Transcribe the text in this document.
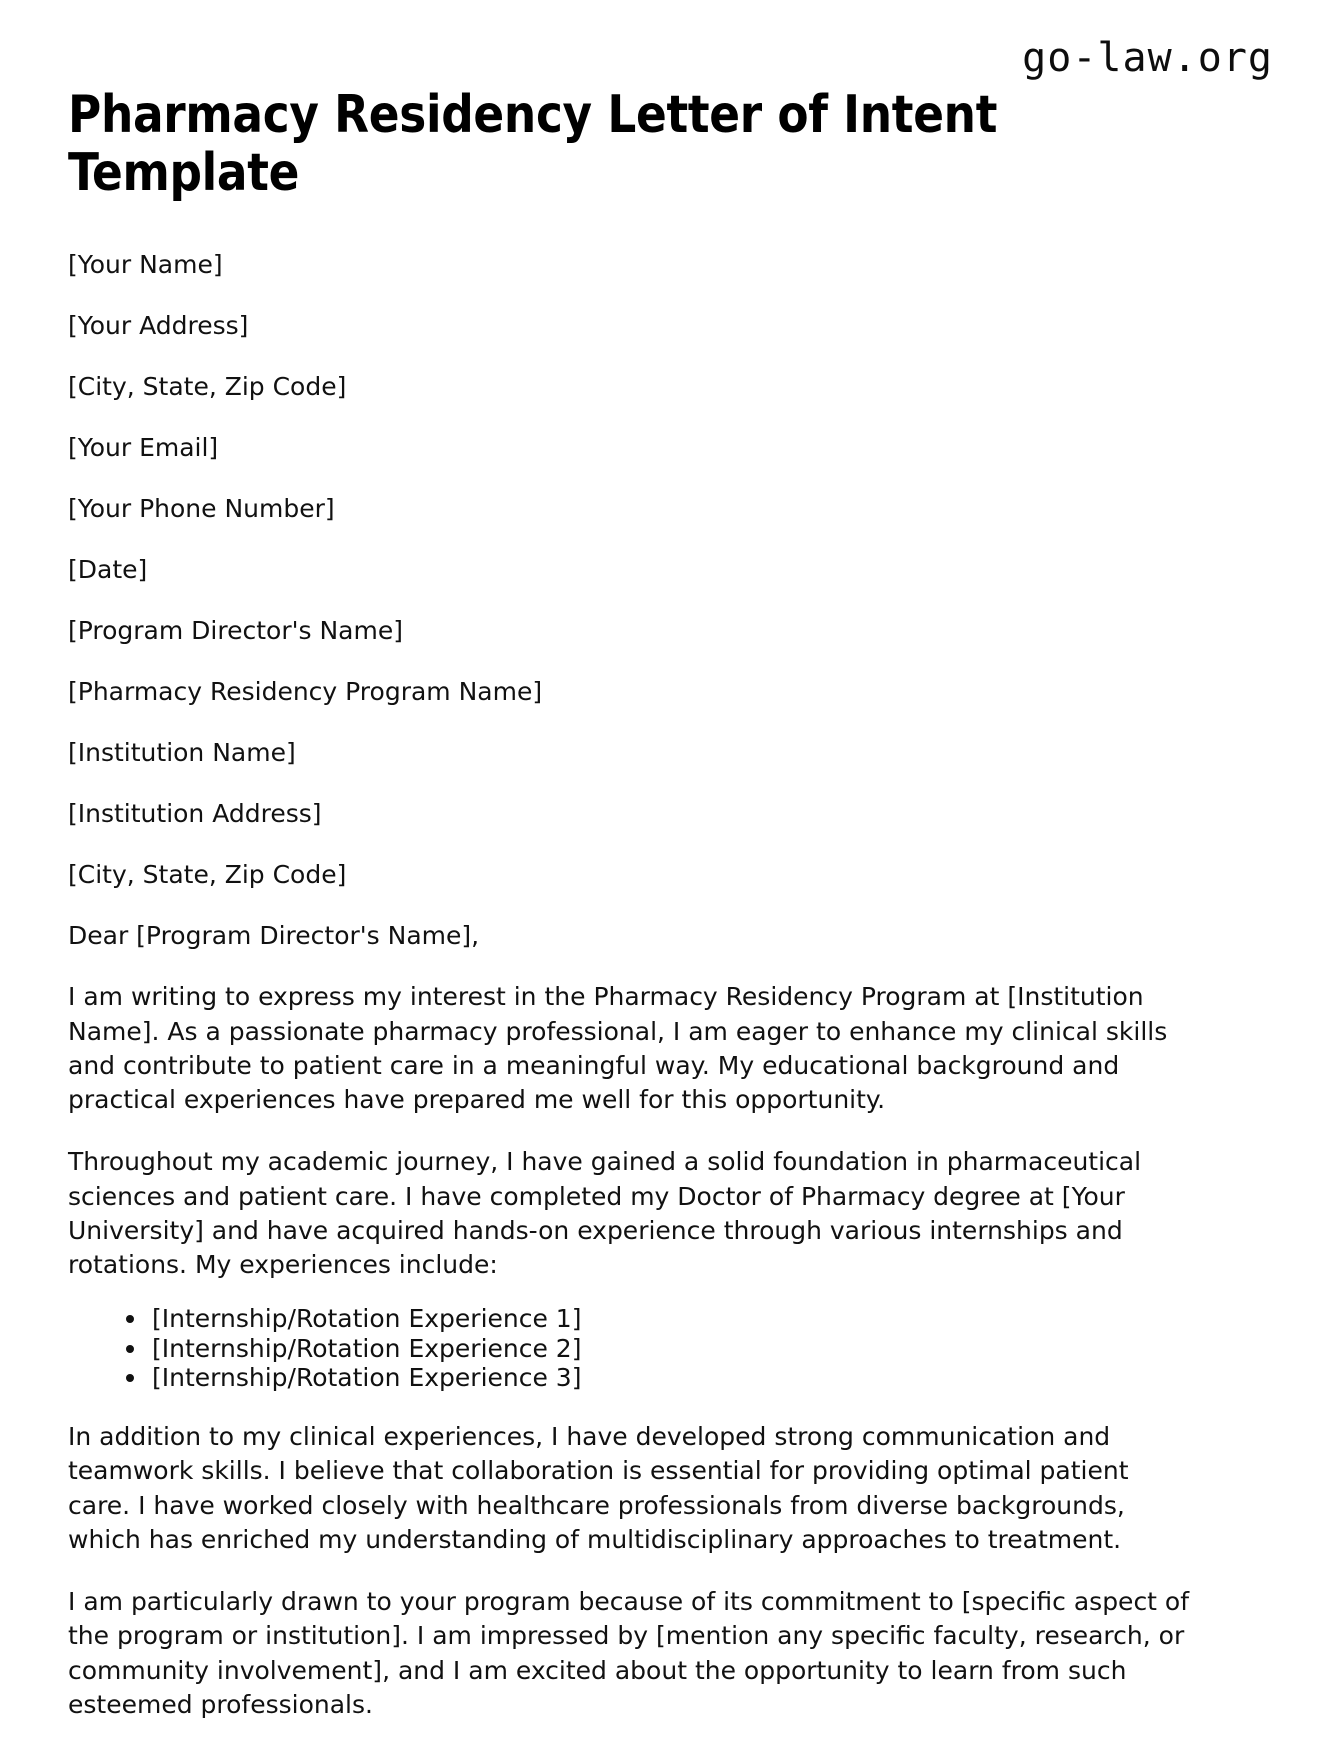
go-law.org
Pharmacy Residency Letter of Intent Template

[Your Name]

[Your Address]

[City, State, Zip Code]

[Your Email]

[Your Phone Number]

[Date]

[Program Director's Name]

[Pharmacy Residency Program Name]

[Institution Name]

[Institution Address]

[City, State, Zip Code]

Dear [Program Director's Name],

I am writing to express my interest in the Pharmacy Residency Program at [Institution Name]. As a passionate pharmacy professional, I am eager to enhance my clinical skills and contribute to patient care in a meaningful way. My educational background and practical experiences have prepared me well for this opportunity.

Throughout my academic journey, I have gained a solid foundation in pharmaceutical sciences and patient care. I have completed my Doctor of Pharmacy degree at [Your University] and have acquired hands-on experience through various internships and rotations. My experiences include:

[Internship/Rotation Experience 1]
[Internship/Rotation Experience 2]
[Internship/Rotation Experience 3]

In addition to my clinical experiences, I have developed strong communication and teamwork skills. I believe that collaboration is essential for providing optimal patient care. I have worked closely with healthcare professionals from diverse backgrounds, which has enriched my understanding of multidisciplinary approaches to treatment.

I am particularly drawn to your program because of its commitment to [specific aspect of the program or institution]. I am impressed by [mention any specific faculty, research, or community involvement], and I am excited about the opportunity to learn from such esteemed professionals.
